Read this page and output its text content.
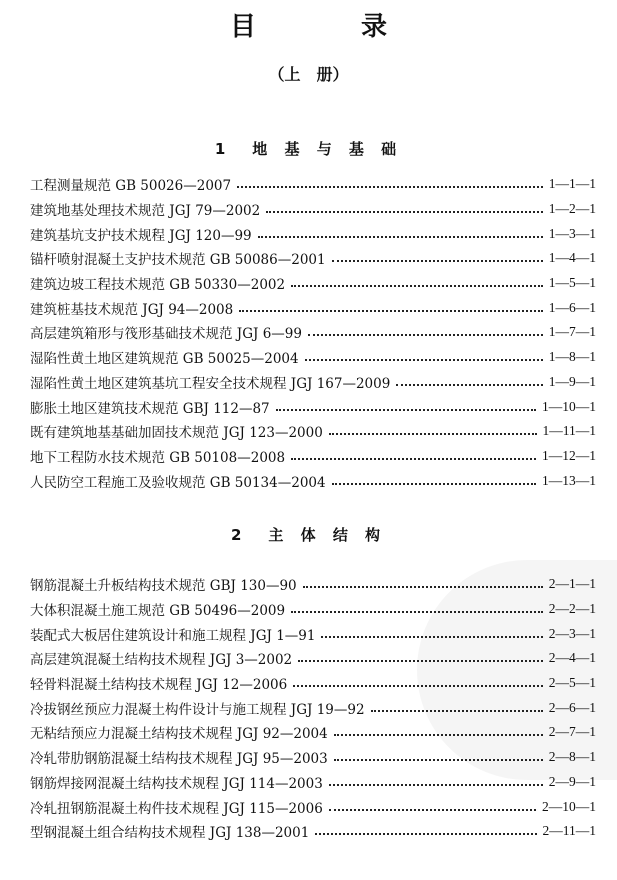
目 录
（上　册）
1　地 基 与 基 础
工程测量规范 GB 50026—2007	1—1—1
建筑地基处理技术规范 JGJ 79—2002	1—2—1
建筑基坑支护技术规程 JGJ 120—99	1—3—1
锚杆喷射混凝土支护技术规范 GB 50086—2001	1—4—1
建筑边坡工程技术规范 GB 50330—2002	1—5—1
建筑桩基技术规范 JGJ 94—2008	1—6—1
高层建筑箱形与筏形基础技术规范 JGJ 6—99	1—7—1
湿陷性黄土地区建筑规范 GB 50025—2004	1—8—1
湿陷性黄土地区建筑基坑工程安全技术规程 JGJ 167—2009	1—9—1
膨胀土地区建筑技术规范 GBJ 112—87	1—10—1
既有建筑地基基础加固技术规范 JGJ 123—2000	1—11—1
地下工程防水技术规范 GB 50108—2008	1—12—1
人民防空工程施工及验收规范 GB 50134—2004	1—13—1
2　主 体 结 构
钢筋混凝土升板结构技术规范 GBJ 130—90	2—1—1
大体积混凝土施工规范 GB 50496—2009	2—2—1
装配式大板居住建筑设计和施工规程 JGJ 1—91	2—3—1
高层建筑混凝土结构技术规程 JGJ 3—2002	2—4—1
轻骨料混凝土结构技术规程 JGJ 12—2006	2—5—1
冷拔钢丝预应力混凝土构件设计与施工规程 JGJ 19—92	2—6—1
无粘结预应力混凝土结构技术规程 JGJ 92—2004	2—7—1
冷轧带肋钢筋混凝土结构技术规程 JGJ 95—2003	2—8—1
钢筋焊接网混凝土结构技术规程 JGJ 114—2003	2—9—1
冷轧扭钢筋混凝土构件技术规程 JGJ 115—2006	2—10—1
型钢混凝土组合结构技术规程 JGJ 138—2001	2—11—1
